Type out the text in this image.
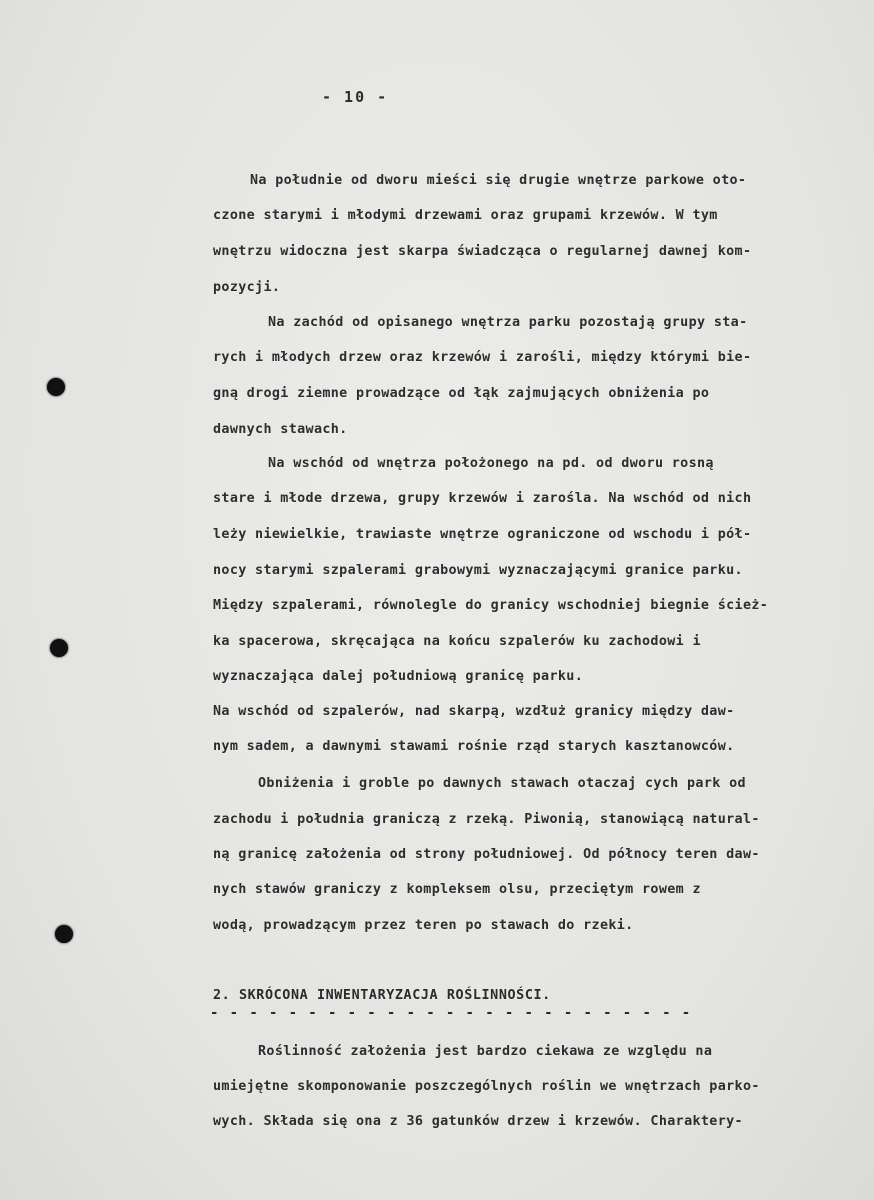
- 10 -
Na południe od dworu mieści się drugie wnętrze parkowe oto-
czone starymi i młodymi drzewami oraz grupami krzewów. W tym
wnętrzu widoczna jest skarpa świadcząca o regularnej dawnej kom-
pozycji.
Na zachód od opisanego wnętrza parku pozostają grupy sta-
rych i młodych drzew oraz krzewów i zarośli, między którymi bie-
gną drogi ziemne prowadzące od łąk zajmujących obniżenia po
dawnych stawach.
Na wschód od wnętrza położonego na pd. od dworu rosną
stare i młode drzewa, grupy krzewów i zarośla. Na wschód od nich
leży niewielkie, trawiaste wnętrze ograniczone od wschodu i pół-
nocy starymi szpalerami grabowymi wyznaczającymi granice parku.
Między szpalerami, równolegle do granicy wschodniej biegnie ścież-
ka spacerowa, skręcająca na końcu szpalerów ku zachodowi i
wyznaczająca dalej południową granicę parku.
Na wschód od szpalerów, nad skarpą, wzdłuż granicy między daw-
nym sadem, a dawnymi stawami rośnie rząd starych kasztanowców.
Obniżenia i groble po dawnych stawach otaczaj cych park od
zachodu i południa graniczą z rzeką. Piwonią, stanowiącą natural-
ną granicę założenia od strony południowej. Od północy teren daw-
nych stawów graniczy z kompleksem olsu, przeciętym rowem z
wodą, prowadzącym przez teren po stawach do rzeki.
2. SKRÓCONA INWENTARYZACJA ROŚLINNOŚCI.
- - - - - - - - - - - - - - - - - - - - - - - - -
Roślinność założenia jest bardzo ciekawa ze względu na
umiejętne skomponowanie poszczególnych roślin we wnętrzach parko-
wych. Składa się ona z 36 gatunków drzew i krzewów. Charaktery-
